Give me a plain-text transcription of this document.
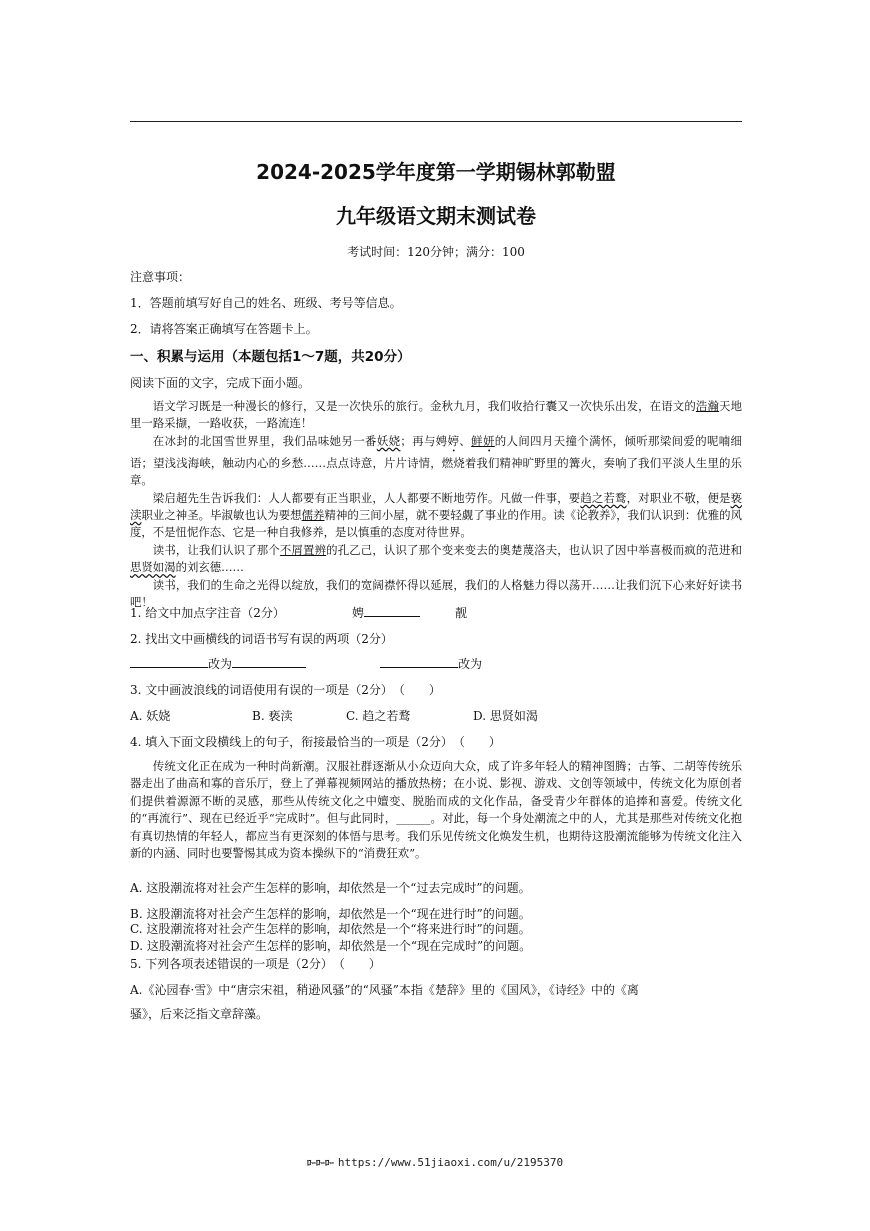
2024-2025学年度第一学期锡林郭勒盟
九年级语文期末测试卷
考试时间：120分钟；满分：100
注意事项：
1．答题前填写好自己的姓名、班级、考号等信息。
2．请将答案正确填写在答题卡上。
一、积累与运用（本题包括1～7题，共20分）
阅读下面的文字，完成下面小题。

语文学习既是一种漫长的修行，又是一次快乐的旅行。金秋九月，我们收拾行囊又一次快乐出发，在语文的浩瀚天地里一路采撷，一路收获，一路流连！

在冰封的北国雪世界里，我们品味她另一番妖娆；再与娉婷、鲜妍的人间四月天撞个满怀，倾听那梁间爱的呢喃细语；望浅浅海峡，触动内心的乡愁……点点诗意，片片诗情，燃烧着我们精神旷野里的篝火，奏响了我们平淡人生里的乐章。

梁启超先生告诉我们：人人都要有正当职业，人人都要不断地劳作。凡做一件事，要趋之若鹜，对职业不敬，便是亵渎职业之神圣。毕淑敏也认为要想儒养精神的三间小屋，就不要轻觑了事业的作用。读《论教养》，我们认识到：优雅的风度，不是忸怩作态、它是一种自我修养，是以慎重的态度对待世界。

读书，让我们认识了那个不屑置辨的孔乙己，认识了那个变来变去的奥楚蔑洛夫，也认识了因中举喜极而疯的范进和思贤如渴的刘玄德……

读书，我们的生命之光得以绽放，我们的宽阔襟怀得以延展，我们的人格魅力得以荡开……让我们沉下心来好好读书吧！

1. 给文中加点字注音（2分）	娉	靓
2. 找出文中画横线的词语书写有误的两项（2分）
改为	改为
3. 文中画波浪线的词语使用有误的一项是（2分）　（　　）
A. 妖娆	B. 亵渎	C. 趋之若鹜	D. 思贤如渴
4. 填入下面文段横线上的句子，衔接最恰当的一项是（2分）　（　　）

传统文化正在成为一种时尚新潮。汉服社群逐渐从小众迈向大众，成了许多年轻人的精神图腾；古筝、二胡等传统乐器走出了曲高和寡的音乐厅，登上了弹幕视频网站的播放热榜；在小说、影视、游戏、文创等领域中，传统文化为原创者们提供着源源不断的灵感，那些从传统文化之中嬗变、脱胎而成的文化作品，备受青少年群体的追捧和喜爱。传统文化的“再流行”、现在已经近乎“完成时”。但与此同时，______。对此，每一个身处潮流之中的人，尤其是那些对传统文化抱有真切热情的年轻人，都应当有更深刻的体悟与思考。我们乐见传统文化焕发生机，也期待这股潮流能够为传统文化注入新的内涵、同时也要警惕其成为资本操纵下的“消费狂欢”。

A. 这股潮流将对社会产生怎样的影响，却依然是一个“过去完成时”的问题。
B. 这股潮流将对社会产生怎样的影响，却依然是一个“现在进行时”的问题。
C. 这股潮流将对社会产生怎样的影响，却依然是一个“将来进行时”的问题。
D. 这股潮流将对社会产生怎样的影响，却依然是一个“现在完成时”的问题。
5. 下列各项表述错误的一项是（2分）　（　　）
A.《沁园春·雪》中“唐宗宋祖，稍逊风骚”的“风骚”本指《楚辞》里的《国风》，《诗经》中的《离
骚》，后来泛指文章辞藻。
ﾛｰﾛｰﾛｰ https://www.51jiaoxi.com/u/2195370
